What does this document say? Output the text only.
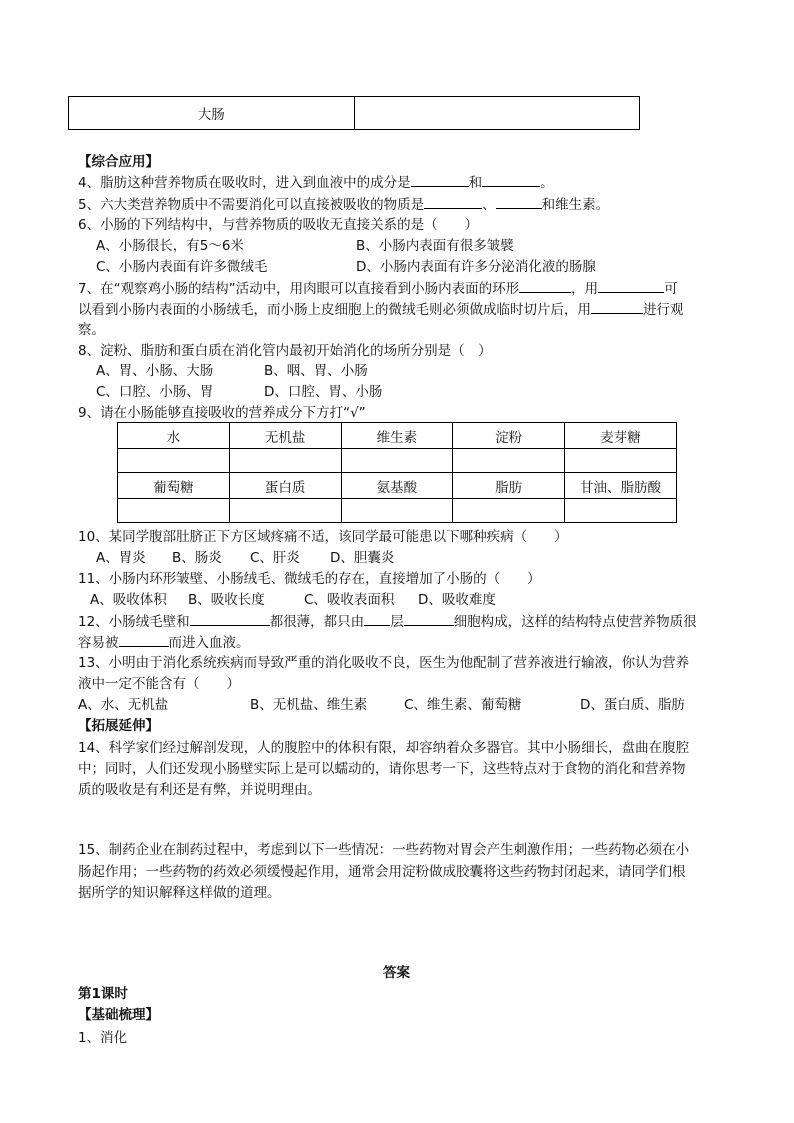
大肠	
【综合应用】
4、脂肪这种营养物质在吸收时，进入到血液中的成分是	和	。
5、六大类营养物质中不需要消化可以直接被吸收的物质是	、	和维生素。
6、小肠的下列结构中，与营养物质的吸收无直接关系的是（　　）
A、小肠很长，有5～6米	B、小肠内表面有很多皱襞
C、小肠内表面有许多微绒毛	D、小肠内表面有许多分泌消化液的肠腺
7、在“观察鸡小肠的结构”活动中，用肉眼可以直接看到小肠内表面的环形	，用	可
以看到小肠内表面的小肠绒毛，而小肠上皮细胞上的微绒毛则必须做成临时切片后，用	进行观
察。
8、淀粉、脂肪和蛋白质在消化管内最初开始消化的场所分别是（　）
A、胃、小肠、大肠	B、咽、胃、小肠
C、口腔、小肠、胃	D、口腔、胃、小肠
9、请在小肠能够直接吸收的营养成分下方打“√”
水	无机盐	维生素	淀粉	麦芽糖

葡萄糖	蛋白质	氨基酸	脂肪	甘油、脂肪酸

10、某同学腹部肚脐正下方区域疼痛不适，该同学最可能患以下哪种疾病（　　）
A、胃炎 B、肠炎 C、肝炎 D、胆囊炎
11、小肠内环形皱壁、小肠绒毛、微绒毛的存在，直接增加了小肠的（　　）
A、吸收体积 B、吸收长度	C、吸收表面积 D、吸收难度
12、小肠绒毛壁和	都很薄，都只由 层	细胞构成，这样的结构特点使营养物质很
容易被	而进入血液。
13、小明由于消化系统疾病而导致严重的消化吸收不良，医生为他配制了营养液进行输液，你认为营养
液中一定不能含有（　　）
A、水、无机盐	B、无机盐、维生素	C、维生素、葡萄糖	D、蛋白质、脂肪
【拓展延伸】
14、科学家们经过解剖发现，人的腹腔中的体积有限，却容纳着众多器官。其中小肠细长，盘曲在腹腔
中；同时，人们还发现小肠壁实际上是可以蠕动的，请你思考一下，这些特点对于食物的消化和营养物
质的吸收是有利还是有弊，并说明理由。
15、制药企业在制药过程中，考虑到以下一些情况：一些药物对胃会产生刺激作用；一些药物必须在小
肠起作用；一些药物的药效必须缓慢起作用，通常会用淀粉做成胶囊将这些药物封闭起来，请同学们根
据所学的知识解释这样做的道理。
答案
第1课时
【基础梳理】
1、消化
